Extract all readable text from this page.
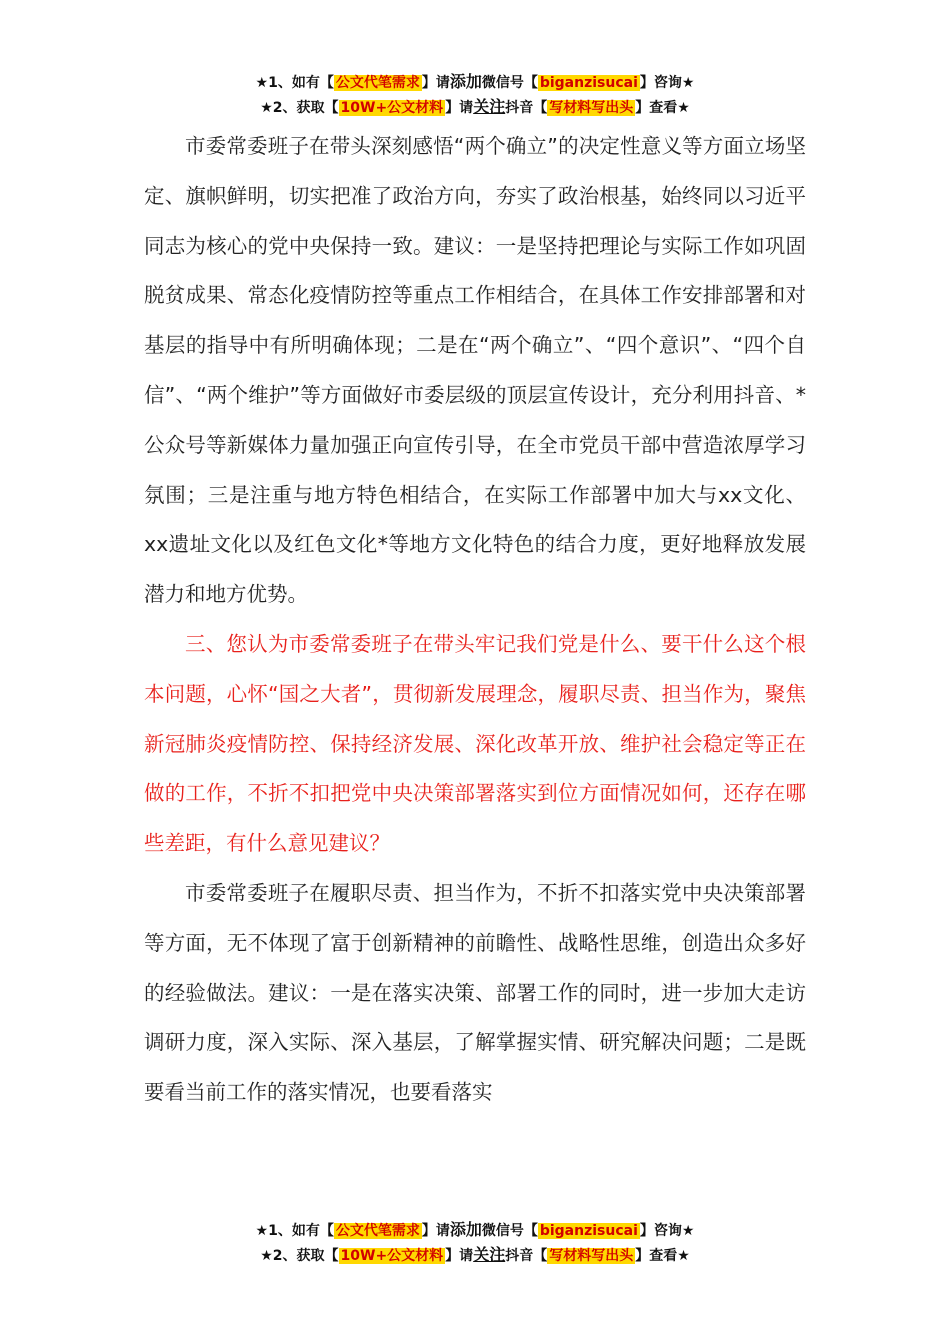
★1、如有【 公文代笔需求 】请添加微信号【 biganzisucai 】咨询★
★2、获取【 10W+公文材料 】请关注抖音【 写材料写出头 】查看★

市委常委班子在带头深刻感悟“两个确立”的决定性意义等方面立场坚定、旗帜鲜明，切实把准了政治方向，夯实了政治根基，始终同以习近平同志为核心的党中央保持一致。建议：一是坚持把理论与实际工作如巩固脱贫成果、常态化疫情防控等重点工作相结合，在具体工作安排部署和对基层的指导中有所明确体现；二是在“两个确立”、“四个意识”、“四个自信”、“两个维护”等方面做好市委层级的顶层宣传设计，充分利用抖音、*公众号等新媒体力量加强正向宣传引导，在全市党员干部中营造浓厚学习氛围；三是注重与地方特色相结合，在实际工作部署中加大与xx文化、xx遗址文化以及红色文化*等地方文化特色的结合力度，更好地释放发展潜力和地方优势。

三、您认为市委常委班子在带头牢记我们党是什么、要干什么这个根本问题，心怀“国之大者”，贯彻新发展理念，履职尽责、担当作为，聚焦新冠肺炎疫情防控、保持经济发展、深化改革开放、维护社会稳定等正在做的工作，不折不扣把党中央决策部署落实到位方面情况如何，还存在哪些差距，有什么意见建议？

市委常委班子在履职尽责、担当作为，不折不扣落实党中央决策部署等方面，无不体现了富于创新精神的前瞻性、战略性思维，创造出众多好的经验做法。建议：一是在落实决策、部署工作的同时，进一步加大走访调研力度，深入实际、深入基层，了解掌握实情、研究解决问题；二是既要看当前工作的落实情况，也要看落实

★1、如有【 公文代笔需求 】请添加微信号【 biganzisucai 】咨询★
★2、获取【 10W+公文材料 】请关注抖音【 写材料写出头 】查看★
